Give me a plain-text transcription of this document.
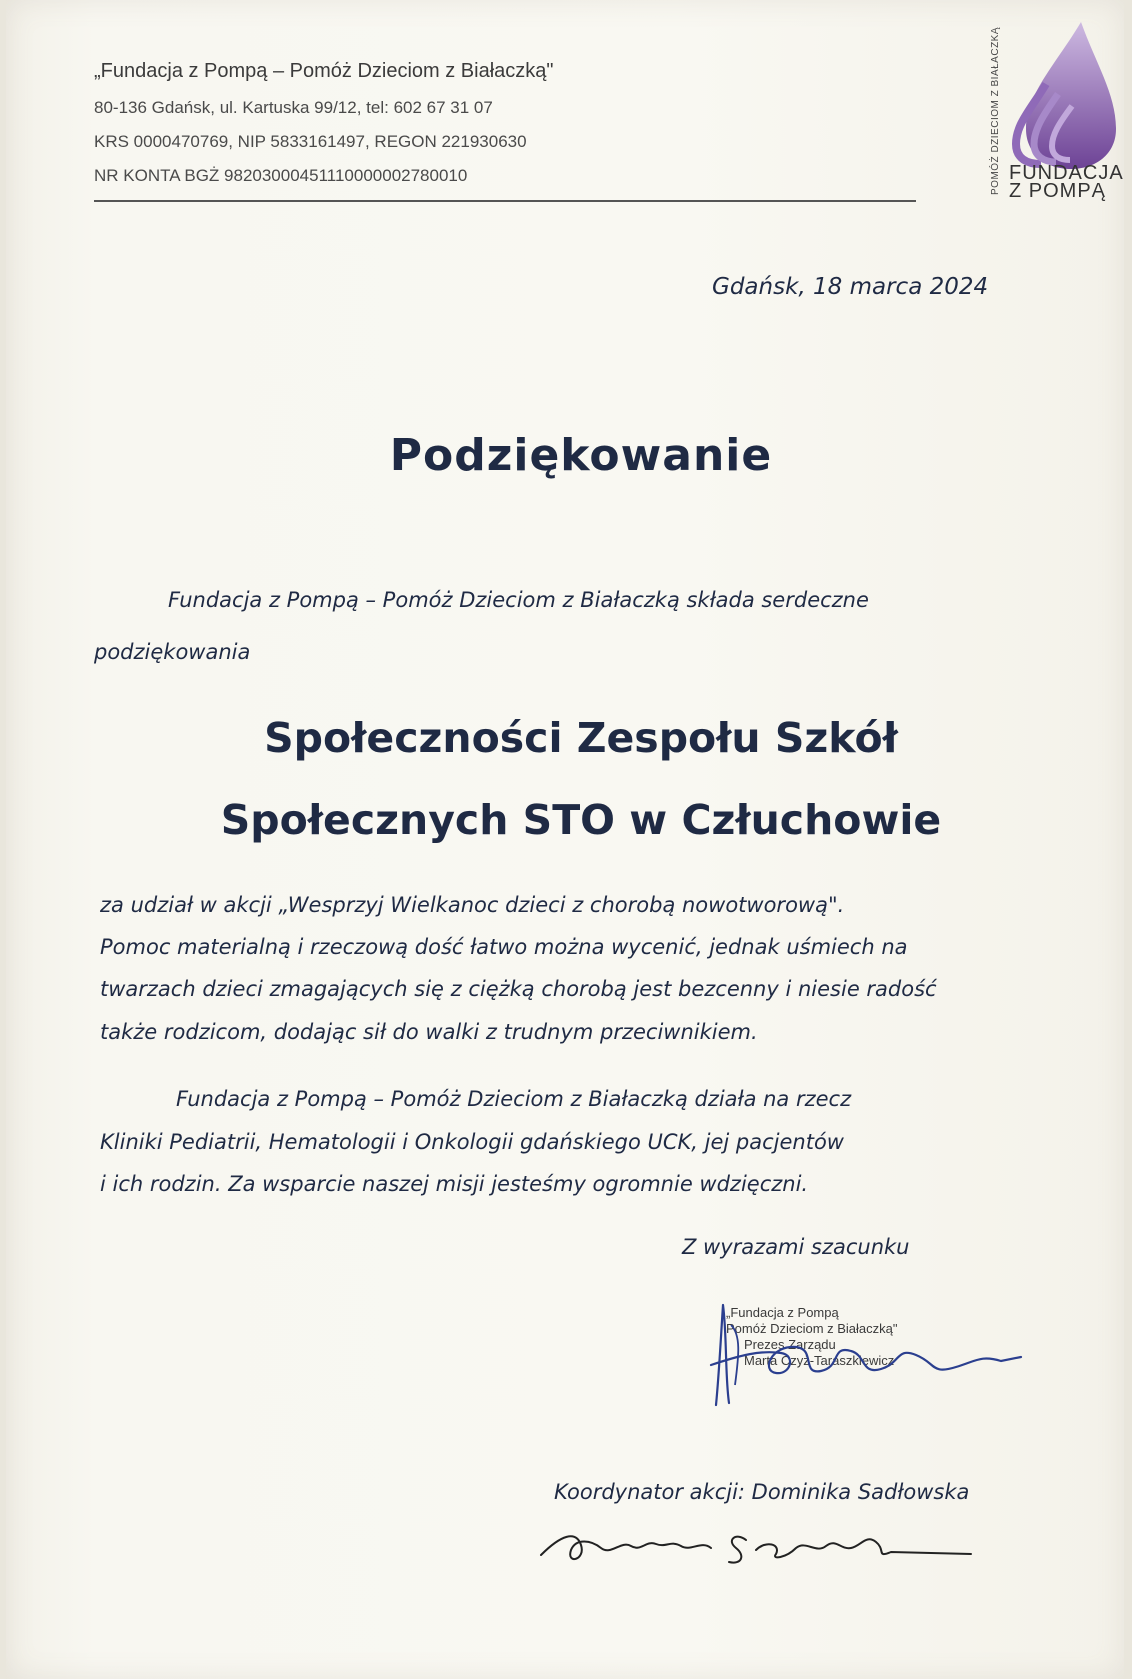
„Fundacja z Pompą – Pomóż Dzieciom z Białaczką"
80-136 Gdańsk, ul. Kartuska 99/12, tel: 602 67 31 07
KRS 0000470769, NIP 5833161497, REGON 221930630
NR KONTA BGŻ 98203000451110000002780010	POMÓŻ DZIECIOM Z BIAŁACZKĄ FUNDACJA
Z POMPĄ
Gdańsk, 18 marca 2024
Podziękowanie
Fundacja z Pompą – Pomóż Dzieciom z Białaczką składa serdeczne
podziękowania
Społeczności Zespołu Szkół
Społecznych STO w Człuchowie
za udział w akcji „Wesprzyj Wielkanoc dzieci z chorobą nowotworową".
Pomoc materialną i rzeczową dość łatwo można wycenić, jednak uśmiech na
twarzach dzieci zmagających się z ciężką chorobą jest bezcenny i niesie radość
także rodzicom, dodając sił do walki z trudnym przeciwnikiem.
Fundacja z Pompą – Pomóż Dzieciom z Białaczką działa na rzecz
Kliniki Pediatrii, Hematologii i Onkologii gdańskiego UCK, jej pacjentów
i ich rodzin. Za wsparcie naszej misji jesteśmy ogromnie wdzięczni.
Z wyrazami szacunku
„Fundacja z Pompą
Pomóż Dzieciom z Białaczką"
Prezes Zarządu
Marta Czyż-Taraszkiewicz
Koordynator akcji: Dominika Sadłowska
